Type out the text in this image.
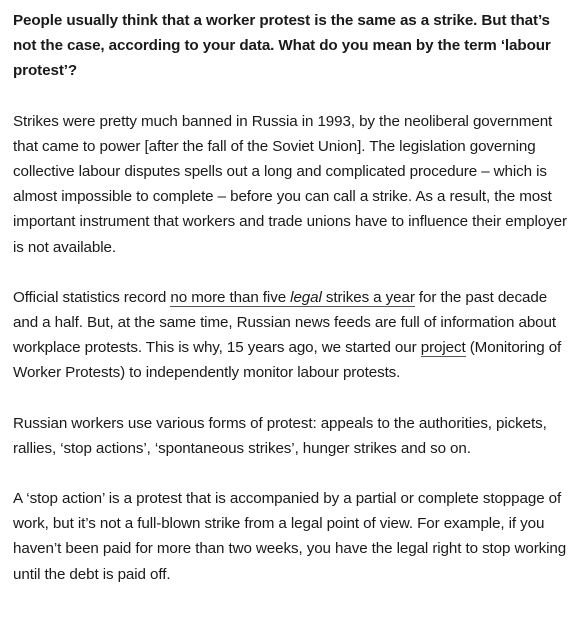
People usually think that a worker protest is the same as a strike. But that’s not the case, according to your data. What do you mean by the term ‘labour protest’?

Strikes were pretty much banned in Russia in 1993, by the neoliberal government that came to power [after the fall of the Soviet Union]. The legislation governing collective labour disputes spells out a long and complicated procedure – which is almost impossible to complete – before you can call a strike. As a result, the most important instrument that workers and trade unions have to influence their employer is not available.

Official statistics record no more than five legal strikes a year for the past decade and a half. But, at the same time, Russian news feeds are full of information about workplace protests. This is why, 15 years ago, we started our project (Monitoring of Worker Protests) to independently monitor labour protests.

Russian workers use various forms of protest: appeals to the authorities, pickets, rallies, ‘stop actions’, ‘spontaneous strikes’, hunger strikes and so on.

A ‘stop action’ is a protest that is accompanied by a partial or complete stoppage of work, but it’s not a full-blown strike from a legal point of view. For example, if you haven’t been paid for more than two weeks, you have the legal right to stop working until the debt is paid off.
